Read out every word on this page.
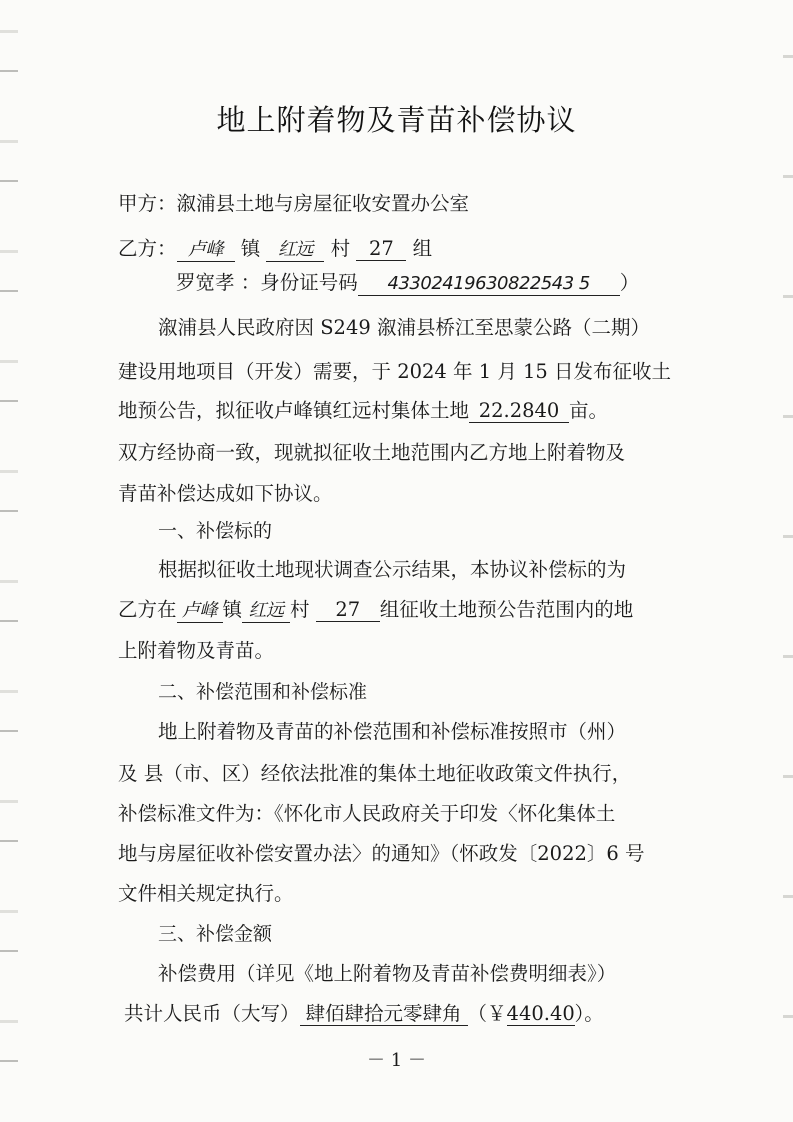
地上附着物及青苗补偿协议
甲方：溆浦县土地与房屋征收安置办公室
乙方： 卢峰 镇 红远 村 27 组
罗宽孝 ：身份证号码 43302419630822543 5 ）
溆浦县人民政府因 S249 溆浦县桥江至思蒙公路（二期）
建设用地项目（开发）需要，于 2024 年 1 月 15 日发布征收土
地预公告，拟征收卢峰镇红远村集体土地 22.2840 亩。
双方经协商一致，现就拟征收土地范围内乙方地上附着物及
青苗补偿达成如下协议。
一、补偿标的
根据拟征收土地现状调查公示结果，本协议补偿标的为
乙方在 卢峰 镇 红远 村 27 组征收土地预公告范围内的地
上附着物及青苗。
二、补偿范围和补偿标准
地上附着物及青苗的补偿范围和补偿标准按照市（州）
及 县（市、区）经依法批准的集体土地征收政策文件执行，
补偿标准文件为：《怀化市人民政府关于印发〈怀化集体土
地与房屋征收补偿安置办法〉的通知》（怀政发〔2022〕6 号
文件相关规定执行。
三、补偿金额
补偿费用（详见《地上附着物及青苗补偿费明细表》）
共计人民币（大写） 肆佰肆拾元零肆角 （￥440.40）。
－ 1 －
